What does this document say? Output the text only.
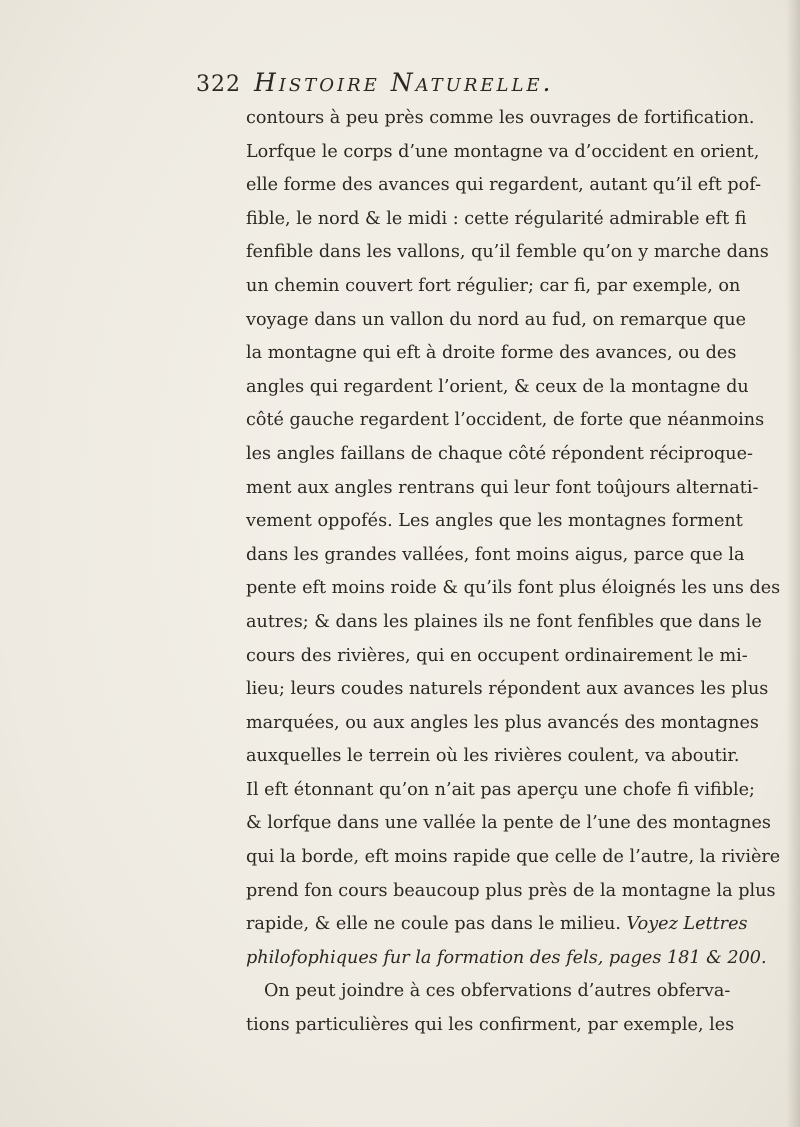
322 Histoire Naturelle.
contours à peu près comme les ouvrages de fortification.
Lorfque le corps d’une montagne va d’occident en orient,
elle forme des avances qui regardent, autant qu’il eft pof-
fible, le nord & le midi : cette régularité admirable eft fi
fenfible dans les vallons, qu’il femble qu’on y marche dans
un chemin couvert fort régulier; car fi, par exemple, on
voyage dans un vallon du nord au fud, on remarque que
la montagne qui eft à droite forme des avances, ou des
angles qui regardent l’orient, & ceux de la montagne du
côté gauche regardent l’occident, de forte que néanmoins
les angles faillans de chaque côté répondent réciproque-
ment aux angles rentrans qui leur font toûjours alternati-
vement oppofés. Les angles que les montagnes forment
dans les grandes vallées, font moins aigus, parce que la
pente eft moins roide & qu’ils font plus éloignés les uns des
autres; & dans les plaines ils ne font fenfibles que dans le
cours des rivières, qui en occupent ordinairement le mi-
lieu; leurs coudes naturels répondent aux avances les plus
marquées, ou aux angles les plus avancés des montagnes
auxquelles le terrein où les rivières coulent, va aboutir.
Il eft étonnant qu’on n’ait pas aperçu une chofe fi vifible;
& lorfque dans une vallée la pente de l’une des montagnes
qui la borde, eft moins rapide que celle de l’autre, la rivière
prend fon cours beaucoup plus près de la montagne la plus
rapide, & elle ne coule pas dans le milieu. Voyez Lettres
philofophiques fur la formation des fels, pages 181 & 200.
On peut joindre à ces obfervations d’autres obferva-
tions particulières qui les confirment, par exemple, les
